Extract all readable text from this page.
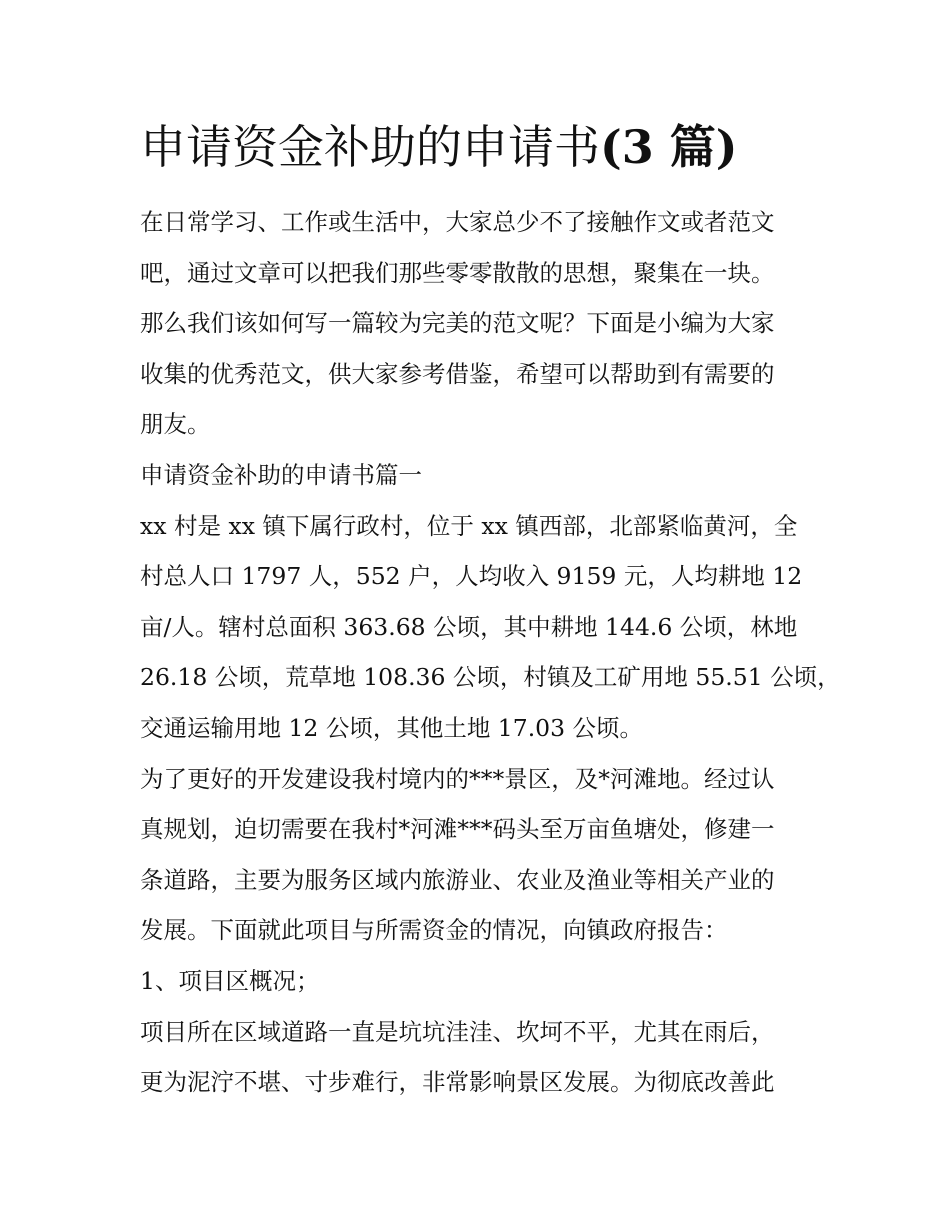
申请资金补助的申请书(3 篇)

在日常学习、工作或生活中，大家总少不了接触作文或者范文

吧，通过文章可以把我们那些零零散散的思想，聚集在一块。

那么我们该如何写一篇较为完美的范文呢？下面是小编为大家

收集的优秀范文，供大家参考借鉴，希望可以帮助到有需要的

朋友。

申请资金补助的申请书篇一

xx 村是 xx 镇下属行政村，位于 xx 镇西部，北部紧临黄河，全

村总人口 1797 人，552 户，人均收入 9159 元，人均耕地 12

亩/人。辖村总面积 363.68 公顷，其中耕地 144.6 公顷，林地

26.18 公顷，荒草地 108.36 公顷，村镇及工矿用地 55.51 公顷，

交通运输用地 12 公顷，其他土地 17.03 公顷。

为了更好的开发建设我村境内的***景区，及*河滩地。经过认

真规划，迫切需要在我村*河滩***码头至万亩鱼塘处，修建一

条道路，主要为服务区域内旅游业、农业及渔业等相关产业的

发展。下面就此项目与所需资金的情况，向镇政府报告：

1、项目区概况；

项目所在区域道路一直是坑坑洼洼、坎坷不平，尤其在雨后，

更为泥泞不堪、寸步难行，非常影响景区发展。为彻底改善此
